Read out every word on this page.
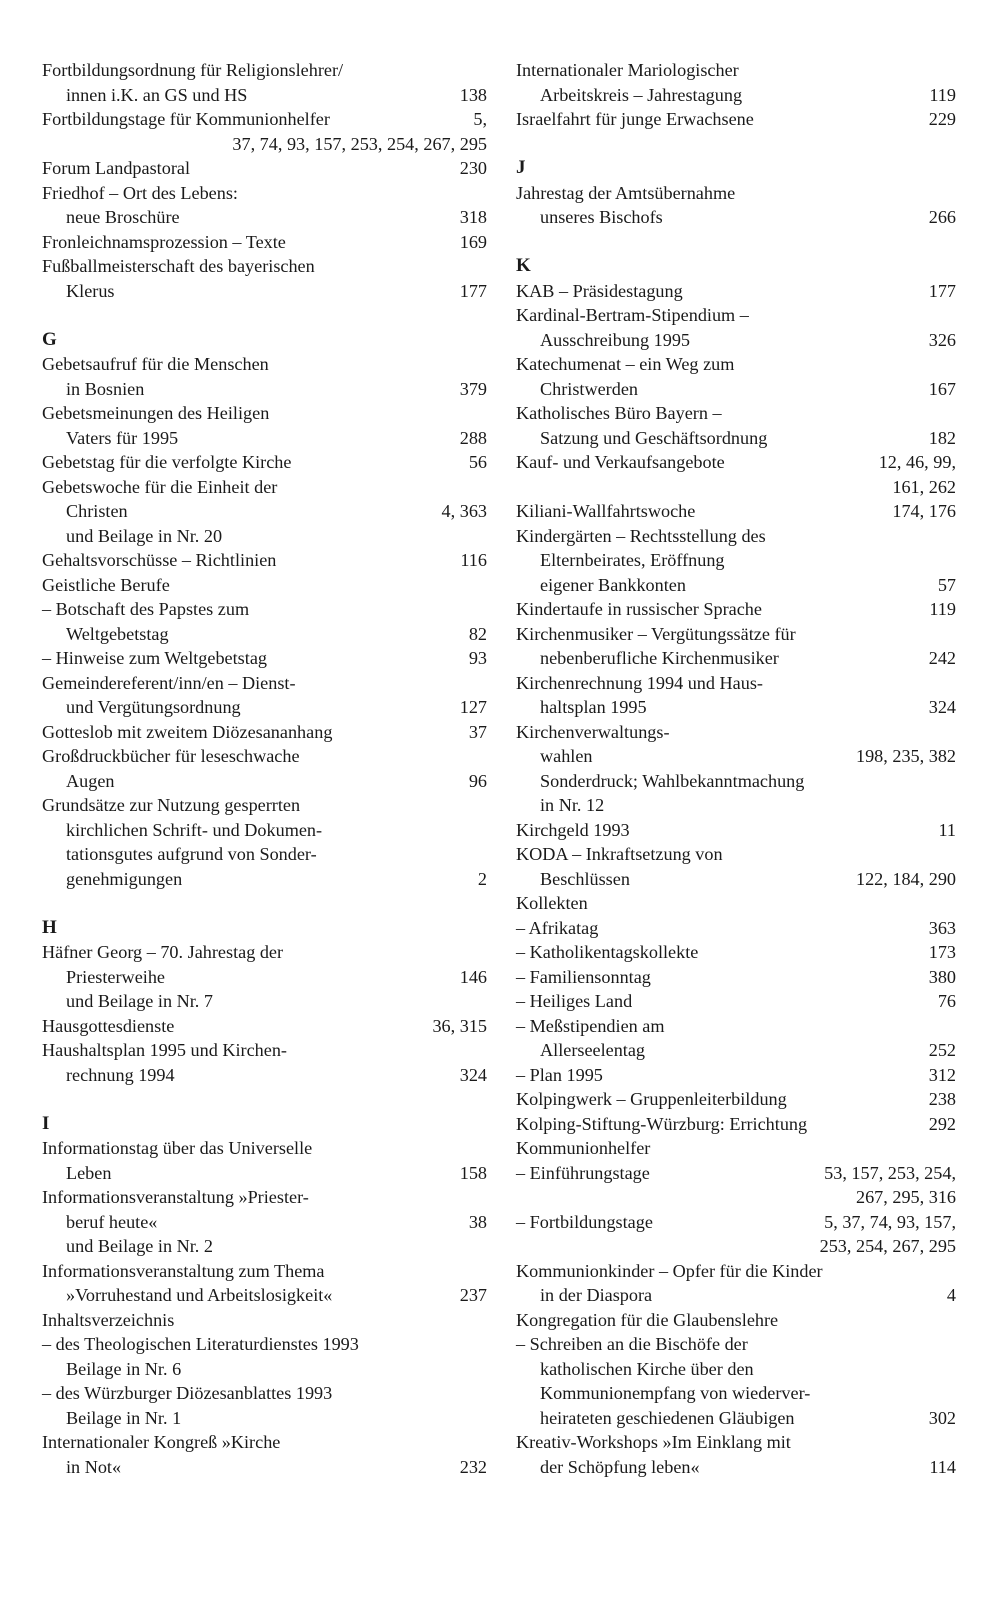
Fortbildungsordnung für Religionslehrer/
innen i.K. an GS und HS	138
Fortbildungstage für Kommunionhelfer	5,
37, 74, 93, 157, 253, 254, 267, 295
Forum Landpastoral	230
Friedhof – Ort des Lebens:
neue Broschüre	318
Fronleichnamsprozession – Texte	169
Fußballmeisterschaft des bayerischen
Klerus	177
G
Gebetsaufruf für die Menschen
in Bosnien	379
Gebetsmeinungen des Heiligen
Vaters für 1995	288
Gebetstag für die verfolgte Kirche	56
Gebetswoche für die Einheit der
Christen	4, 363
und Beilage in Nr. 20
Gehaltsvorschüsse – Richtlinien	116
Geistliche Berufe
– Botschaft des Papstes zum
Weltgebetstag	82
– Hinweise zum Weltgebetstag	93
Gemeindereferent/inn/en – Dienst-
und Vergütungsordnung	127
Gotteslob mit zweitem Diözesananhang	37
Großdruckbücher für leseschwache
Augen	96
Grundsätze zur Nutzung gesperrten
kirchlichen Schrift- und Dokumen-
tationsgutes aufgrund von Sonder-
genehmigungen	2
H
Häfner Georg – 70. Jahrestag der
Priesterweihe	146
und Beilage in Nr. 7
Hausgottesdienste	36, 315
Haushaltsplan 1995 und Kirchen-
rechnung 1994	324
I
Informationstag über das Universelle
Leben	158
Informationsveranstaltung »Priester-
beruf heute«	38
und Beilage in Nr. 2
Informationsveranstaltung zum Thema
»Vorruhestand und Arbeitslosigkeit«	237
Inhaltsverzeichnis
– des Theologischen Literaturdienstes 1993
Beilage in Nr. 6
– des Würzburger Diözesanblattes 1993
Beilage in Nr. 1
Internationaler Kongreß »Kirche
in Not«	232
Internationaler Mariologischer
Arbeitskreis – Jahrestagung	119
Israelfahrt für junge Erwachsene	229
J
Jahrestag der Amtsübernahme
unseres Bischofs	266
K
KAB – Präsidestagung	177
Kardinal-Bertram-Stipendium –
Ausschreibung 1995	326
Katechumenat – ein Weg zum
Christwerden	167
Katholisches Büro Bayern –
Satzung und Geschäftsordnung	182
Kauf- und Verkaufsangebote	12, 46, 99,
161, 262
Kiliani-Wallfahrtswoche	174, 176
Kindergärten – Rechtsstellung des
Elternbeirates, Eröffnung
eigener Bankkonten	57
Kindertaufe in russischer Sprache	119
Kirchenmusiker – Vergütungssätze für
nebenberufliche Kirchenmusiker	242
Kirchenrechnung 1994 und Haus-
haltsplan 1995	324
Kirchenverwaltungs-
wahlen	198, 235, 382
Sonderdruck; Wahlbekanntmachung
in Nr. 12
Kirchgeld 1993	11
KODA – Inkraftsetzung von
Beschlüssen	122, 184, 290
Kollekten
– Afrikatag	363
– Katholikentagskollekte	173
– Familiensonntag	380
– Heiliges Land	76
– Meßstipendien am
Allerseelentag	252
– Plan 1995	312
Kolpingwerk – Gruppenleiterbildung	238
Kolping-Stiftung-Würzburg: Errichtung	292
Kommunionhelfer
– Einführungstage	53, 157, 253, 254,
267, 295, 316
– Fortbildungstage	5, 37, 74, 93, 157,
253, 254, 267, 295
Kommunionkinder – Opfer für die Kinder
in der Diaspora	4
Kongregation für die Glaubenslehre
– Schreiben an die Bischöfe der
katholischen Kirche über den
Kommunionempfang von wiederver-
heirateten geschiedenen Gläubigen	302
Kreativ-Workshops »Im Einklang mit
der Schöpfung leben«	114
